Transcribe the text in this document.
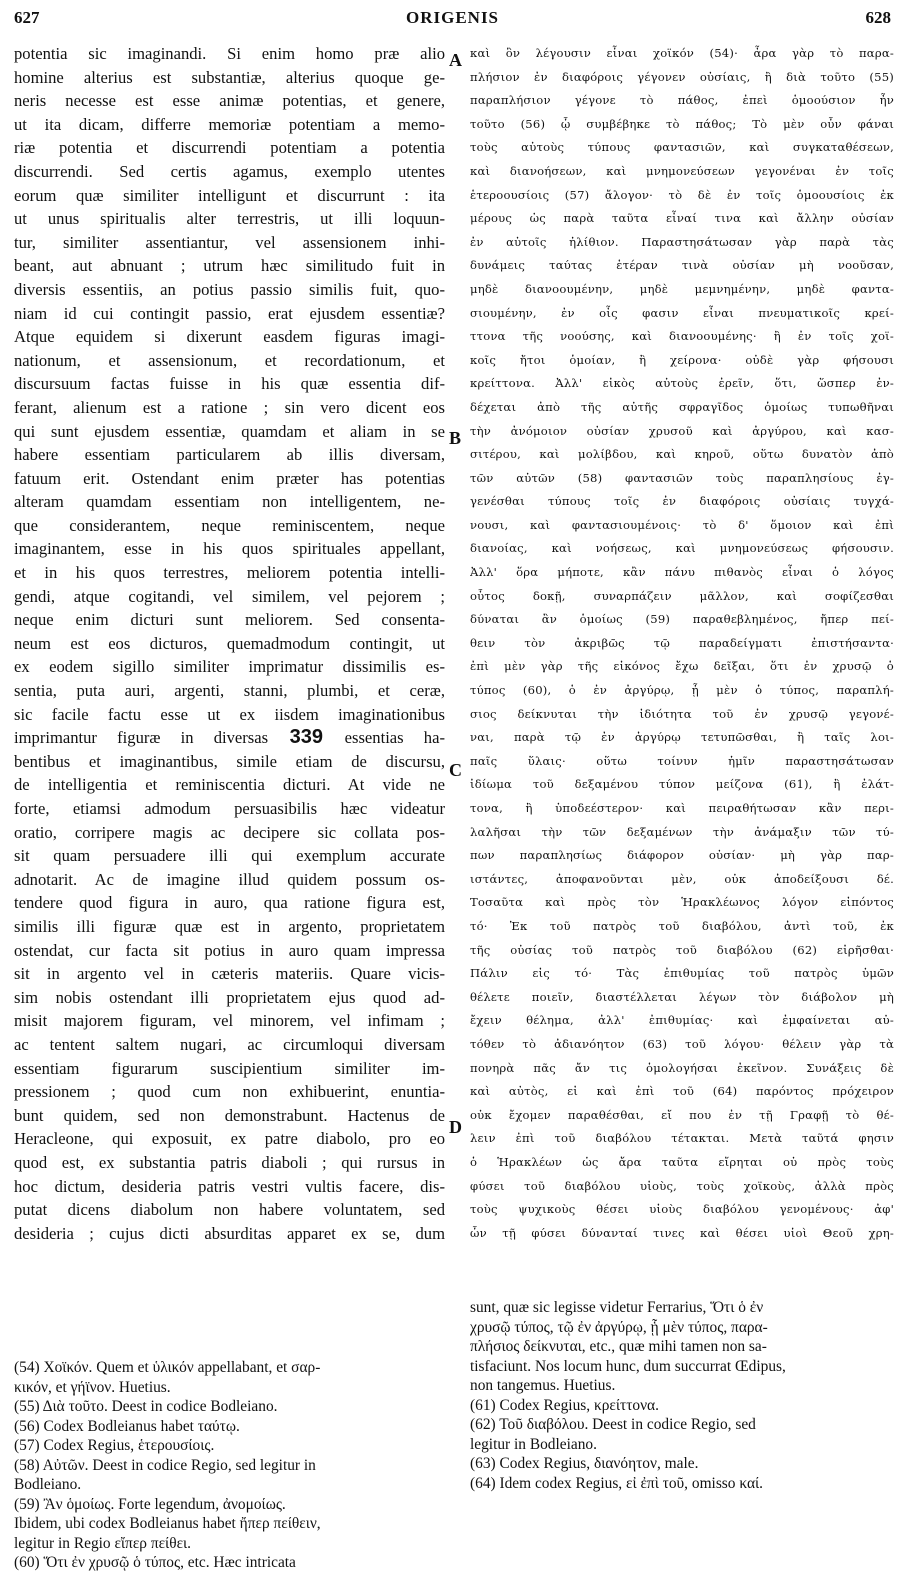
627	ORIGENIS	628
A
B
C
D
potentia sic imaginandi. Si enim homo præ alio
homine alterius est substantiæ, alterius quoque ge-
neris necesse est esse animæ potentias, et genere,
ut ita dicam, differre memoriæ potentiam a memo-
riæ potentia et discurrendi potentiam a potentia
discurrendi. Sed certis agamus, exemplo utentes
eorum quæ similiter intelligunt et discurrunt : ita
ut unus spiritualis alter terrestris, ut illi loquun-
tur, similiter assentiantur, vel assensionem inhi-
beant, aut abnuant ; utrum hæc similitudo fuit in
diversis essentiis, an potius passio similis fuit, quo-
niam id cui contingit passio, erat ejusdem essentiæ?
Atque equidem si dixerunt easdem figuras imagi-
nationum, et assensionum, et recordationum, et
discursuum factas fuisse in his quæ essentia dif-
ferant, alienum est a ratione ; sin vero dicent eos
qui sunt ejusdem essentiæ, quamdam et aliam in se
habere essentiam particularem ab illis diversam,
fatuum erit. Ostendant enim præter has potentias
alteram quamdam essentiam non intelligentem, ne-
que considerantem, neque reminiscentem, neque
imaginantem, esse in his quos spirituales appellant,
et in his quos terrestres, meliorem potentia intelli-
gendi, atque cogitandi, vel similem, vel pejorem ;
neque enim dicturi sunt meliorem. Sed consenta-
neum est eos dicturos, quemadmodum contingit, ut
ex eodem sigillo similiter imprimatur dissimilis es-
sentia, puta auri, argenti, stanni, plumbi, et ceræ,
sic facile factu esse ut ex iisdem imaginationibus
imprimantur figuræ in diversas 339 essentias ha-
bentibus et imaginantibus, simile etiam de discursu,
de intelligentia et reminiscentia dicturi. At vide ne
forte, etiamsi admodum persuasibilis hæc videatur
oratio, corripere magis ac decipere sic collata pos-
sit quam persuadere illi qui exemplum accurate
adnotarit. Ac de imagine illud quidem possum os-
tendere quod figura in auro, qua ratione figura est,
similis illi figuræ quæ est in argento, proprietatem
ostendat, cur facta sit potius in auro quam impressa
sit in argento vel in cæteris materiis. Quare vicis-
sim nobis ostendant illi proprietatem ejus quod ad-
misit majorem figuram, vel minorem, vel infimam ;
ac tentent saltem nugari, ac circumloqui diversam
essentiam figurarum suscipientium similiter im-
pressionem ; quod cum non exhibuerint, enuntia-
bunt quidem, sed non demonstrabunt. Hactenus de
Heracleone, qui exposuit, ex patre diabolo, pro eo
quod est, ex substantia patris diaboli ; qui rursus in
hoc dictum, desideria patris vestri vultis facere, dis-
putat dicens diabolum non habere voluntatem, sed
desideria ; cujus dicti absurditas apparet ex se, dum
καὶ ὃν λέγουσιν εἶναι χοϊκόν (54)· ἆρα γὰρ τὸ παρα-
πλήσιον ἐν διαφόροις γέγονεν οὐσίαις, ἢ διὰ τοῦτο (55)
παραπλήσιον γέγονε τὸ πάθος, ἐπεὶ ὁμοούσιον ἦν
τοῦτο (56) ᾧ συμβέβηκε τὸ πάθος; Τὸ μὲν οὖν φάναι
τοὺς αὐτοὺς τύπους φαντασιῶν, καὶ συγκαταθέσεων,
καὶ διανοήσεων, καὶ μνημονεύσεων γεγονέναι ἐν τοῖς
ἑτεροουσίοις (57) ἄλογον· τὸ δὲ ἐν τοῖς ὁμοουσίοις ἐκ
μέρους ὡς παρὰ ταῦτα εἶναί τινα καὶ ἄλλην οὐσίαν
ἐν αὐτοῖς ἠλίθιον. Παραστησάτωσαν γὰρ παρὰ τὰς
δυνάμεις ταύτας ἑτέραν τινὰ οὐσίαν μὴ νοοῦσαν,
μηδὲ διανοουμένην, μηδὲ μεμνημένην, μηδὲ φαντα-
σιουμένην, ἐν οἷς φασιν εἶναι πνευματικοῖς κρεί-
ττονα τῆς νοούσης, καὶ διανοουμένης· ἢ ἐν τοῖς χοϊ-
κοῖς ἤτοι ὁμοίαν, ἢ χείρονα· οὐδὲ γὰρ φήσουσι
κρείττονα. Ἀλλ' εἰκὸς αὐτοὺς ἐρεῖν, ὅτι, ὥσπερ ἐν-
δέχεται ἀπὸ τῆς αὐτῆς σφραγῖδος ὁμοίως τυπωθῆναι
τὴν ἀνόμοιον οὐσίαν χρυσοῦ καὶ ἀργύρου, καὶ κασ-
σιτέρου, καὶ μολίβδου, καὶ κηροῦ, οὕτω δυνατὸν ἀπὸ
τῶν αὐτῶν (58) φαντασιῶν τοὺς παραπλησίους ἐγ-
γενέσθαι τύπους τοῖς ἐν διαφόροις οὐσίαις τυγχά-
νουσι, καὶ φαντασιουμένοις· τὸ δ' ὅμοιον καὶ ἐπὶ
διανοίας, καὶ νοήσεως, καὶ μνημονεύσεως φήσουσιν.
Ἀλλ' ὅρα μήποτε, κἂν πάνυ πιθανὸς εἶναι ὁ λόγος
οὗτος δοκῇ, συναρπάζειν μᾶλλον, καὶ σοφίζεσθαι
δύναται ἂν ὁμοίως (59) παραθεβλημένος, ἤπερ πεί-
θειν τὸν ἀκριβῶς τῷ παραδείγματι ἐπιστήσαντα·
ἐπὶ μὲν γὰρ τῆς εἰκόνος ἔχω δεῖξαι, ὅτι ἐν χρυσῷ ὁ
τύπος (60), ὁ ἐν ἀργύρῳ, ᾗ μὲν ὁ τύπος, παραπλή-
σιος δείκνυται τὴν ἰδιότητα τοῦ ἐν χρυσῷ γεγονέ-
ναι, παρὰ τῷ ἐν ἀργύρῳ τετυπῶσθαι, ἢ ταῖς λοι-
παῖς ὕλαις· οὕτω τοίνυν ἡμῖν παραστησάτωσαν
ἰδίωμα τοῦ δεξαμένου τύπον μείζονα (61), ἢ ἐλάτ-
τονα, ἢ ὑποδεέστερον· καὶ πειραθήτωσαν κἂν περι-
λαλῆσαι τὴν τῶν δεξαμένων τὴν ἀνάμαξιν τῶν τύ-
πων παραπλησίως διάφορον οὐσίαν· μὴ γὰρ παρ-
ιστάντες, ἀποφανοῦνται μὲν, οὐκ ἀποδείξουσι δέ.
Τοσαῦτα καὶ πρὸς τὸν Ἡρακλέωνος λόγον εἰπόντος
τό· Ἐκ τοῦ πατρὸς τοῦ διαβόλου, ἀντὶ τοῦ, ἐκ
τῆς οὐσίας τοῦ πατρὸς τοῦ διαβόλου (62) εἰρῆσθαι·
Πάλιν εἰς τό· Τὰς ἐπιθυμίας τοῦ πατρὸς ὑμῶν
θέλετε ποιεῖν, διαστέλλεται λέγων τὸν διάβολον μὴ
ἔχειν θέλημα, ἀλλ' ἐπιθυμίας· καὶ ἐμφαίνεται αὐ-
τόθεν τὸ ἀδιανόητον (63) τοῦ λόγου· θέλειν γὰρ τὰ
πονηρὰ πᾶς ἄν τις ὁμολογήσαι ἐκεῖνον. Συνάξεις δὲ
καὶ αὐτὸς, εἰ καὶ ἐπὶ τοῦ (64) παρόντος πρόχειρον
οὐκ ἔχομεν παραθέσθαι, εἴ που ἐν τῇ Γραφῇ τὸ θέ-
λειν ἐπὶ τοῦ διαβόλου τέτακται. Μετὰ ταῦτά φησιν
ὁ Ἡρακλέων ὡς ἄρα ταῦτα εἴρηται οὐ πρὸς τοὺς
φύσει τοῦ διαβόλου υἱοὺς, τοὺς χοϊκοὺς, ἀλλὰ πρὸς
τοὺς ψυχικοὺς θέσει υἱοὺς διαβόλου γενομένους· ἀφ'
ὧν τῇ φύσει δύνανταί τινες καὶ θέσει υἱοὶ Θεοῦ χρη-
(54) Χοϊκόν. Quem et ὑλικόν appellabant, et σαρ-
κικόν, et γήϊνον. Huetius.
(55) Διὰ τοῦτο. Deest in codice Bodleiano.
(56) Codex Bodleianus habet ταύτῳ.
(57) Codex Regius, ἑτερουσίοις.
(58) Αὐτῶν. Deest in codice Regio, sed legitur in
Bodleiano.
(59) Ἂν ὁμοίως. Forte legendum, ἀνομοίως.
Ibidem, ubi codex Bodleianus habet ἤπερ πείθειν,
legitur in Regio εἴπερ πείθει.
(60) Ὅτι ἐν χρυσῷ ὁ τύπος, etc. Hæc intricata
sunt, quæ sic legisse videtur Ferrarius, Ὅτι ὁ ἐν
χρυσῷ τύπος, τῷ ἐν ἀργύρῳ, ᾗ μὲν τύπος, παρα-
πλήσιος δείκνυται, etc., quæ mihi tamen non sa-
tisfaciunt. Nos locum hunc, dum succurrat Œdipus,
non tangemus. Huetius.
(61) Codex Regius, κρείττονα.
(62) Τοῦ διαβόλου. Deest in codice Regio, sed
legitur in Bodleiano.
(63) Codex Regius, διανόητον, male.
(64) Idem codex Regius, εἰ ἐπὶ τοῦ, omisso καί.
